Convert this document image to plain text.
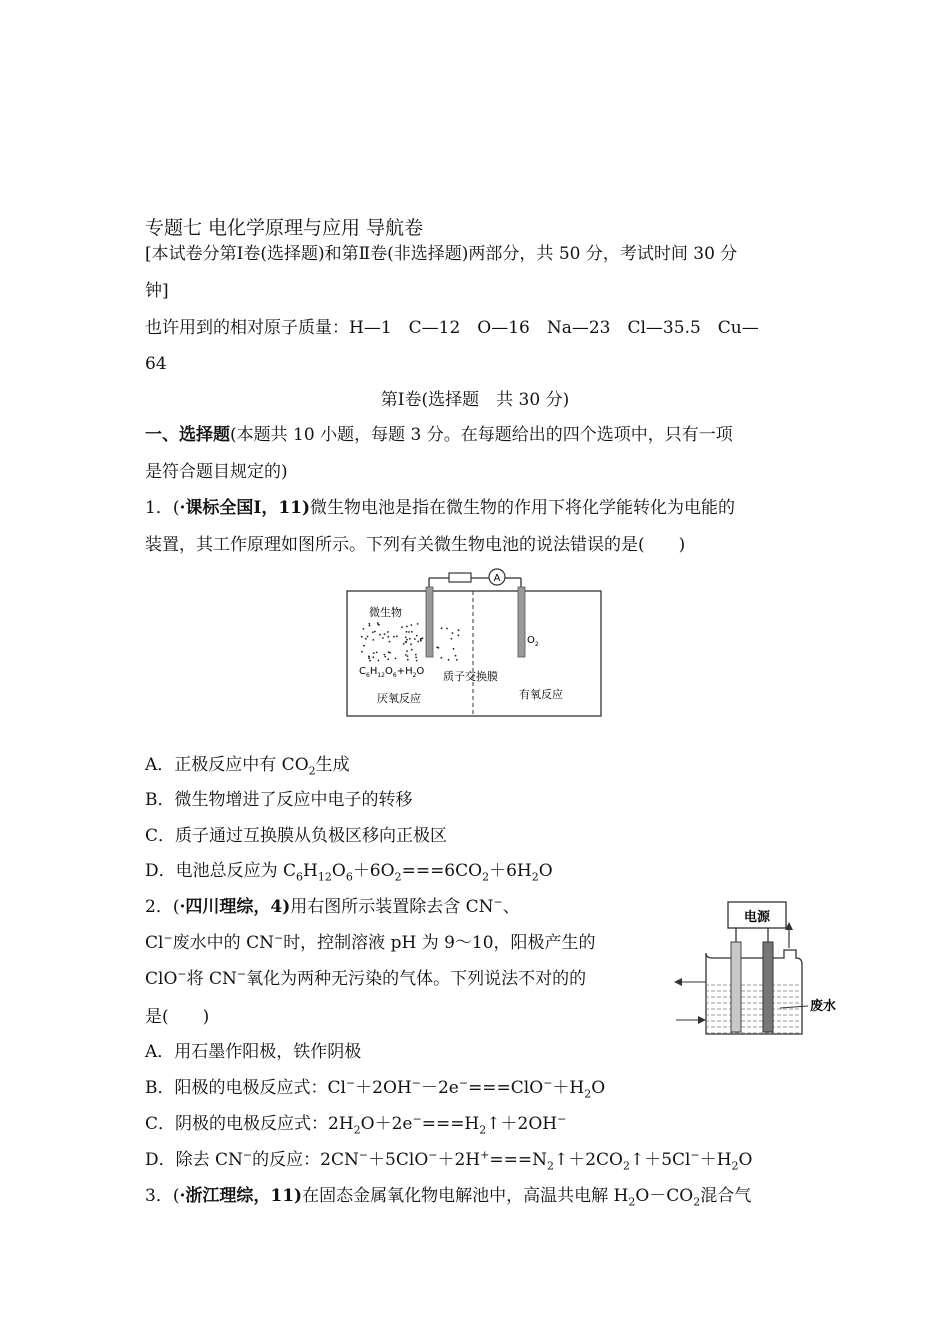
专题七 电化学原理与应用 导航卷
[本试卷分第Ⅰ卷(选择题)和第Ⅱ卷(非选择题)两部分，共 50 分，考试时间 30 分
钟]
也许用到的相对原子质量：H—1　C—12　O—16　Na—23　Cl—35.5　Cu—
64
第Ⅰ卷(选择题　共 30 分)
一、选择题(本题共 10 小题，每题 3 分。在每题给出的四个选项中，只有一项
是符合题目规定的)
1．(·课标全国Ⅰ，11)微生物电池是指在微生物的作用下将化学能转化为电能的
装置，其工作原理如图所示。下列有关微生物电池的说法错误的是(　　)
A
微生物
$O_2$
$C_6H_{12}O_6+H_2O$ 质子交换膜
厌氧反应	有氧反应
A．正极反应中有 $CO_2$生成
B．微生物增进了反应中电子的转移
C．质子通过互换膜从负极区移向正极区
D．电池总反应为 $C_6H_{12}O_6+6O_2===6CO_2+6H_2O$
2．(·四川理综，4)用右图所示装置除去含 CN−、
Cl−废水中的 CN−时，控制溶液 pH 为 9～10，阳极产生的
ClO−将 CN−氧化为两种无污染的气体。下列说法不对的的
是(　　)
电源
废水
A．用石墨作阳极，铁作阴极
B．阳极的电极反应式：$Cl^-+2OH^--2e^-===ClO^-+H_2O$
C．阴极的电极反应式：$2H_2O+2e^-===H_2↑+2OH^-$
D．除去 CN−的反应：$2CN^-+5ClO^-+2H^+===N_2↑+2CO_2↑+5Cl^-+H_2O$
3．(·浙江理综，11)在固态金属氧化物电解池中，高温共电解 $H_2O-CO_2$混合气
